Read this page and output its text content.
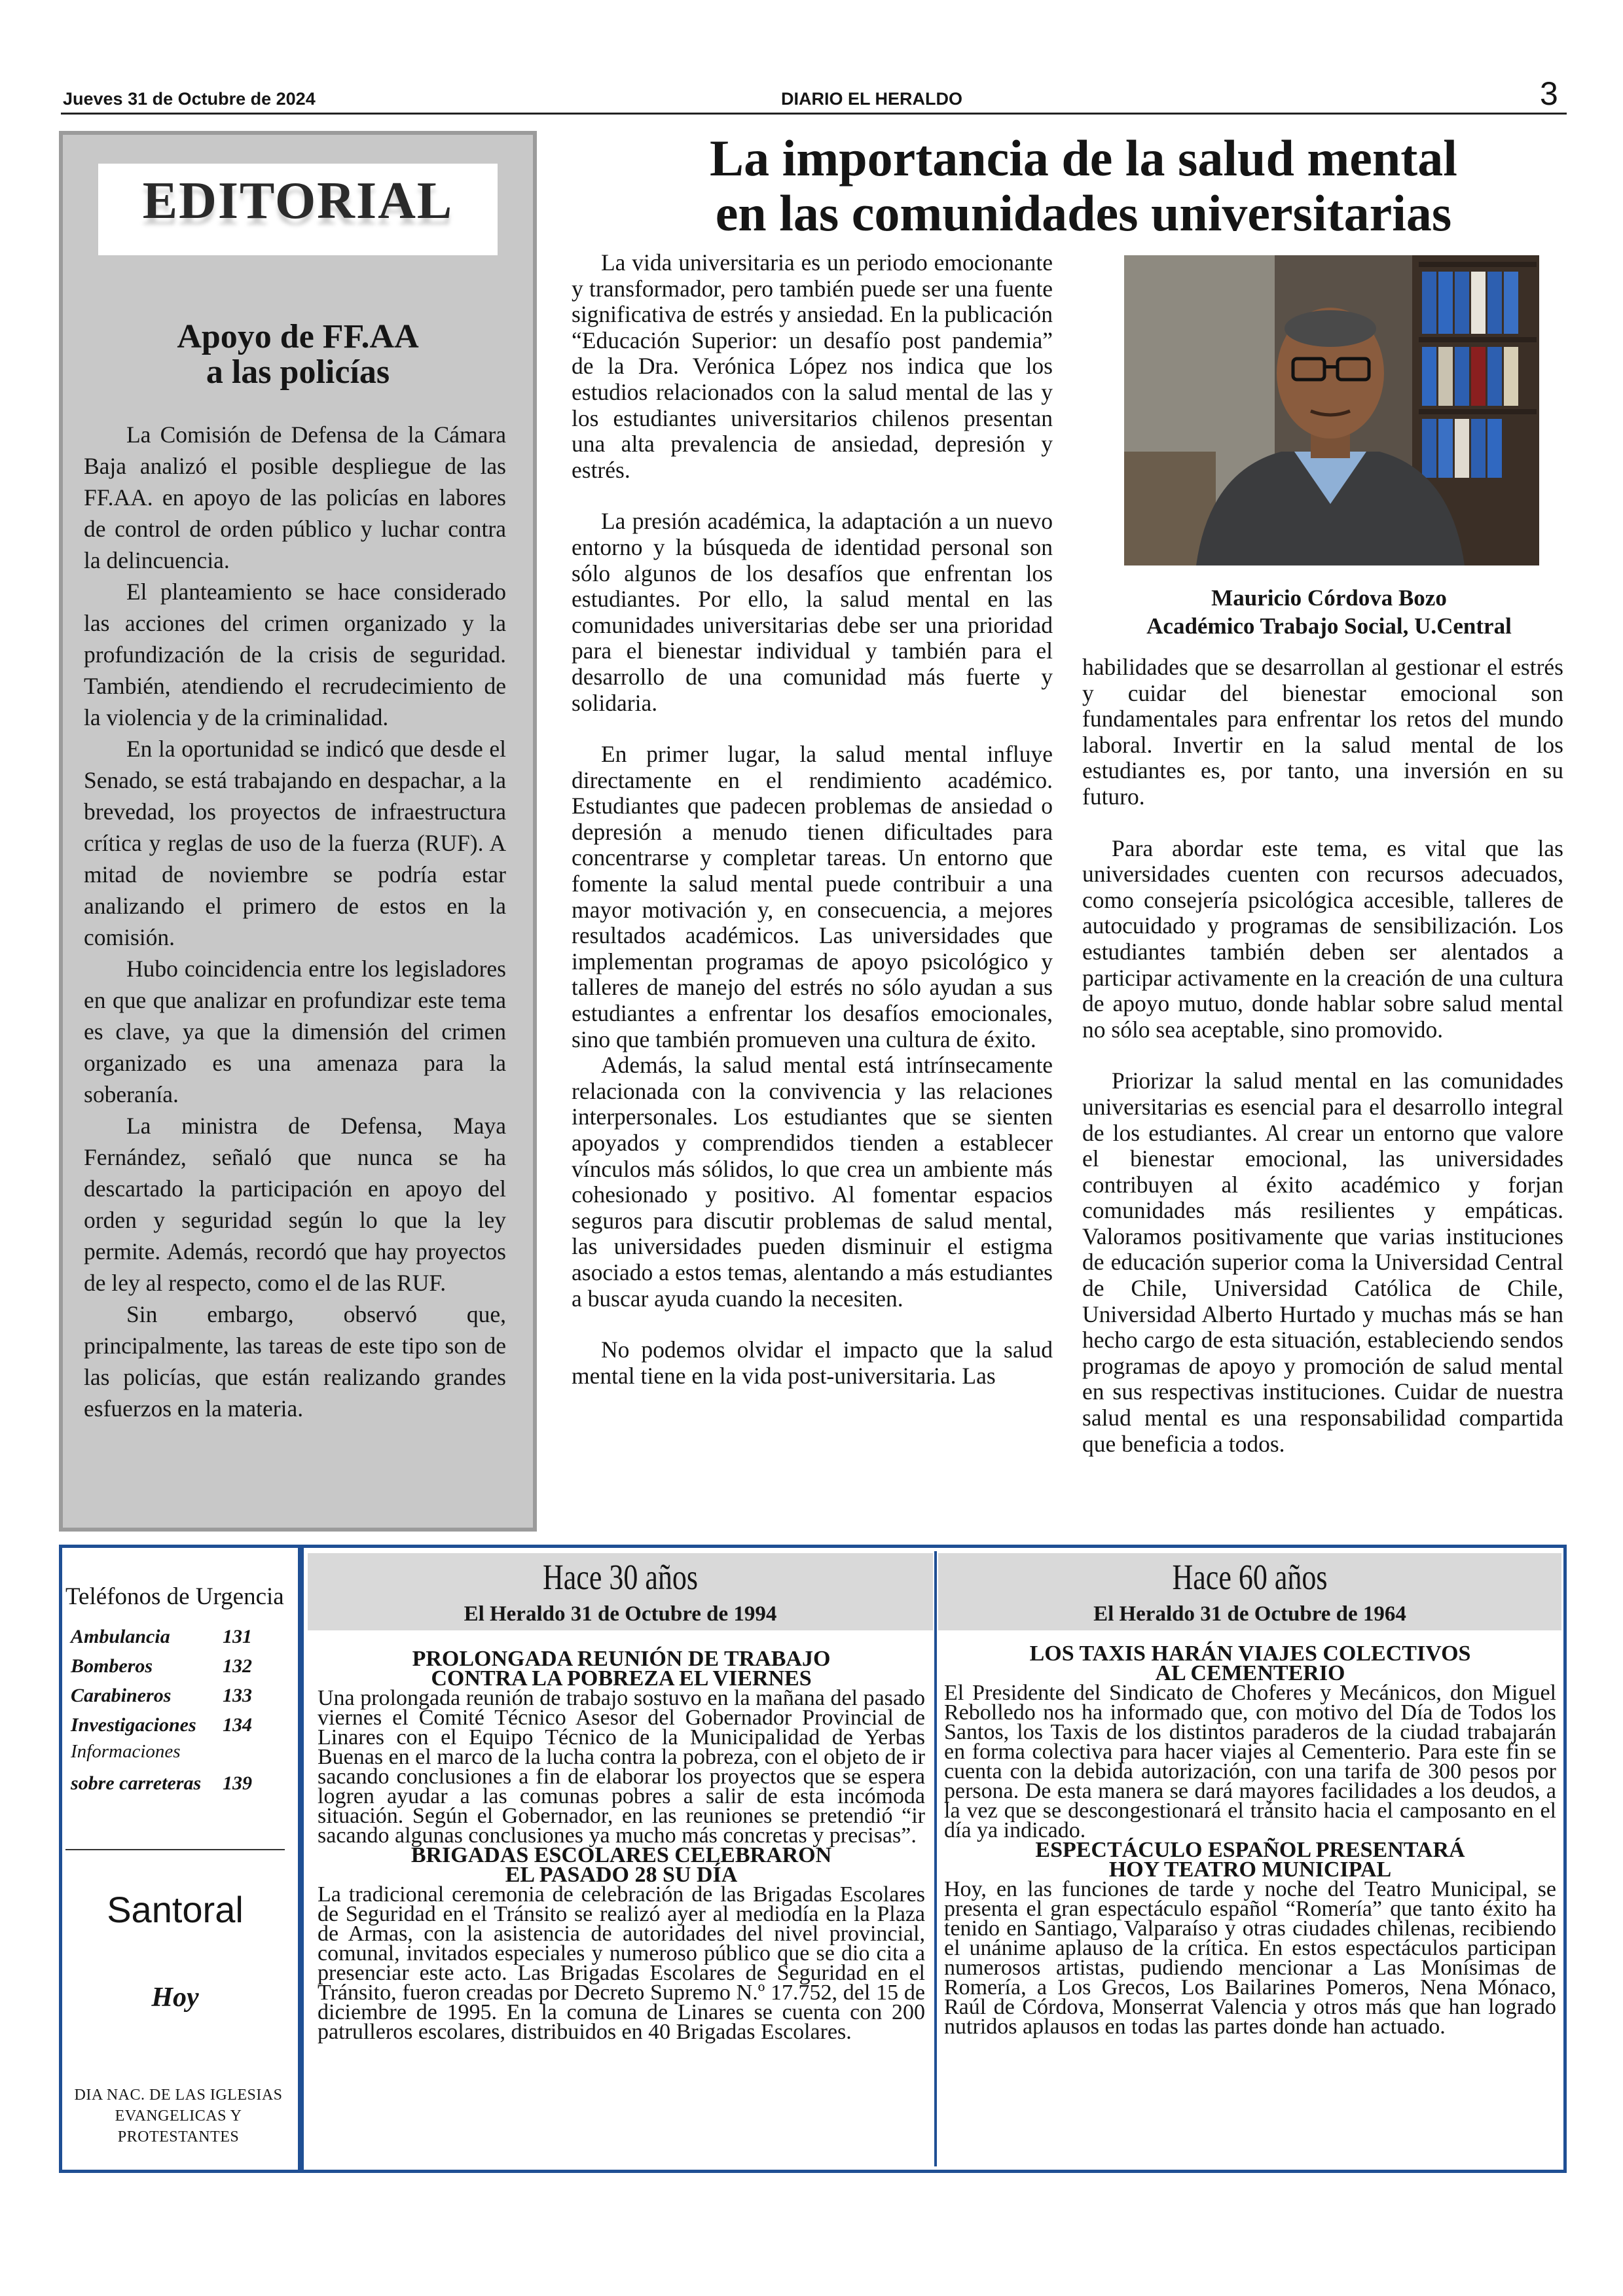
Jueves 31 de Octubre de 2024	DIARIO EL HERALDO	3
EDITORIAL
Apoyo de FF.AA
a las policías

La Comisión de Defensa de la Cámara Baja analizó el posible despliegue de las FF.AA. en apoyo de las policías en labores de control de orden público y luchar contra la delincuencia.

El planteamiento se hace considerado las acciones del crimen organizado y la profundización de la crisis de seguridad. También, atendiendo el recrudecimiento de la violencia y de la criminalidad.

En la oportunidad se indicó que desde el Senado, se está trabajando en despachar, a la brevedad, los proyectos de infraestructura crítica y reglas de uso de la fuerza (RUF). A mitad de noviembre se podría estar analizando el primero de estos en la comisión.

Hubo coincidencia entre los legisladores en que que analizar en profundizar este tema es clave, ya que la dimensión del crimen organizado es una amenaza para la soberanía.

La ministra de Defensa, Maya Fernández, señaló que nunca se ha descartado la participación en apoyo del orden y seguridad según lo que la ley permite. Además, recordó que hay proyectos de ley al respecto, como el de las RUF.

Sin embargo, observó que, principalmente, las tareas de este tipo son de las policías, que están realizando grandes esfuerzos en la materia.

La importancia de la salud mental
en las comunidades universitarias

La vida universitaria es un periodo emocionante y transformador, pero también puede ser una fuente significativa de estrés y ansiedad. En la publicación “Educación Superior: un desafío post pandemia” de la Dra. Verónica López nos indica que los estudios relacionados con la salud mental de las y los estudiantes universitarios chilenos presentan una alta prevalencia de ansiedad, depresión y estrés.

La presión académica, la adaptación a un nuevo entorno y la búsqueda de identidad personal son sólo algunos de los desafíos que enfrentan los estudiantes. Por ello, la salud mental en las comunidades universitarias debe ser una prioridad para el bienestar individual y también para el desarrollo de una comunidad más fuerte y solidaria.

En primer lugar, la salud mental influye directamente en el rendimiento académico. Estudiantes que padecen problemas de ansiedad o depresión a menudo tienen dificultades para concentrarse y completar tareas. Un entorno que fomente la salud mental puede contribuir a una mayor motivación y, en consecuencia, a mejores resultados académicos. Las universidades que implementan programas de apoyo psicológico y talleres de manejo del estrés no sólo ayudan a sus estudiantes a enfrentar los desafíos emocionales, sino que también promueven una cultura de éxito.

Además, la salud mental está intrínsecamente relacionada con la convivencia y las relaciones interpersonales. Los estudiantes que se sienten apoyados y comprendidos tienden a establecer vínculos más sólidos, lo que crea un ambiente más cohesionado y positivo. Al fomentar espacios seguros para discutir problemas de salud mental, las universidades pueden disminuir el estigma asociado a estos temas, alentando a más estudiantes a buscar ayuda cuando la necesiten.

No podemos olvidar el impacto que la salud mental tiene en la vida post-universitaria. Las

Mauricio Córdova Bozo
Académico Trabajo Social, U.Central

habilidades que se desarrollan al gestionar el estrés y cuidar del bienestar emocional son fundamentales para enfrentar los retos del mundo laboral. Invertir en la salud mental de los estudiantes es, por tanto, una inversión en su futuro.

Para abordar este tema, es vital que las universidades cuenten con recursos adecuados, como consejería psicológica accesible, talleres de autocuidado y programas de sensibilización. Los estudiantes también deben ser alentados a participar activamente en la creación de una cultura de apoyo mutuo, donde hablar sobre salud mental no sólo sea aceptable, sino promovido.

Priorizar la salud mental en las comunidades universitarias es esencial para el desarrollo integral de los estudiantes. Al crear un entorno que valore el bienestar emocional, las universidades contribuyen al éxito académico y forjan comunidades más resilientes y empáticas. Valoramos positivamente que varias instituciones de educación superior coma la Universidad Central de Chile, Universidad Católica de Chile, Universidad Alberto Hurtado y muchas más se han hecho cargo de esta situación, estableciendo sendos programas de apoyo y promoción de salud mental en sus respectivas instituciones. Cuidar de nuestra salud mental es una responsabilidad compartida que beneficia a todos.

Teléfonos de Urgencia
Ambulancia	131
Bomberos	132
Carabineros	133
Investigaciones 134
Informaciones
sobre carreteras 139
Santoral
Hoy
DIA NAC. DE LAS IGLESIAS
EVANGELICAS Y
PROTESTANTES
Hace 30 años
El Heraldo 31 de Octubre de 1994
PROLONGADA REUNIÓN DE TRABAJO
CONTRA LA POBREZA EL VIERNES
Una prolongada reunión de trabajo sostuvo en la mañana del pasado viernes el Comité Técnico Asesor del Gobernador Provincial de Linares con el Equipo Técnico de la Municipalidad de Yerbas Buenas en el marco de la lucha contra la pobreza, con el objeto de ir sacando conclusiones a fin de elaborar los proyectos que se espera logren ayudar a las comunas pobres a salir de esta incómoda situación. Según el Gobernador, en las reuniones se pretendió “ir sacando algunas conclusiones ya mucho más concretas y precisas”.
BRIGADAS ESCOLARES CELEBRARON
EL PASADO 28 SU DÍA
La tradicional ceremonia de celebración de las Brigadas Escolares de Seguridad en el Tránsito se realizó ayer al mediodía en la Plaza de Armas, con la asistencia de autoridades del nivel provincial, comunal, invitados especiales y numeroso público que se dio cita a presenciar este acto. Las Brigadas Escolares de Seguridad en el Tránsito, fueron creadas por Decreto Supremo N.º 17.752, del 15 de diciembre de 1995. En la comuna de Linares se cuenta con 200 patrulleros escolares, distribuidos en 40 Brigadas Escolares.
Hace 60 años
El Heraldo 31 de Octubre de 1964
LOS TAXIS HARÁN VIAJES COLECTIVOS
AL CEMENTERIO
El Presidente del Sindicato de Choferes y Mecánicos, don Miguel Rebolledo nos ha informado que, con motivo del Día de Todos los Santos, los Taxis de los distintos paraderos de la ciudad trabajarán en forma colectiva para hacer viajes al Cementerio. Para este fin se cuenta con la debida autorización, con una tarifa de 300 pesos por persona. De esta manera se dará mayores facilidades a los deudos, a la vez que se descongestionará el tránsito hacia el camposanto en el día ya indicado.
ESPECTÁCULO ESPAÑOL PRESENTARÁ
HOY TEATRO MUNICIPAL
Hoy, en las funciones de tarde y noche del Teatro Municipal, se presenta el gran espectáculo español “Romería” que tanto éxito ha tenido en Santiago, Valparaíso y otras ciudades chilenas, recibiendo el unánime aplauso de la crítica. En estos espectáculos participan numerosos artistas, pudiendo mencionar a Las Monísimas de Romería, a Los Grecos, Los Bailarines Pomeros, Nena Mónaco, Raúl de Córdova, Monserrat Valencia y otros más que han logrado nutridos aplausos en todas las partes donde han actuado.
